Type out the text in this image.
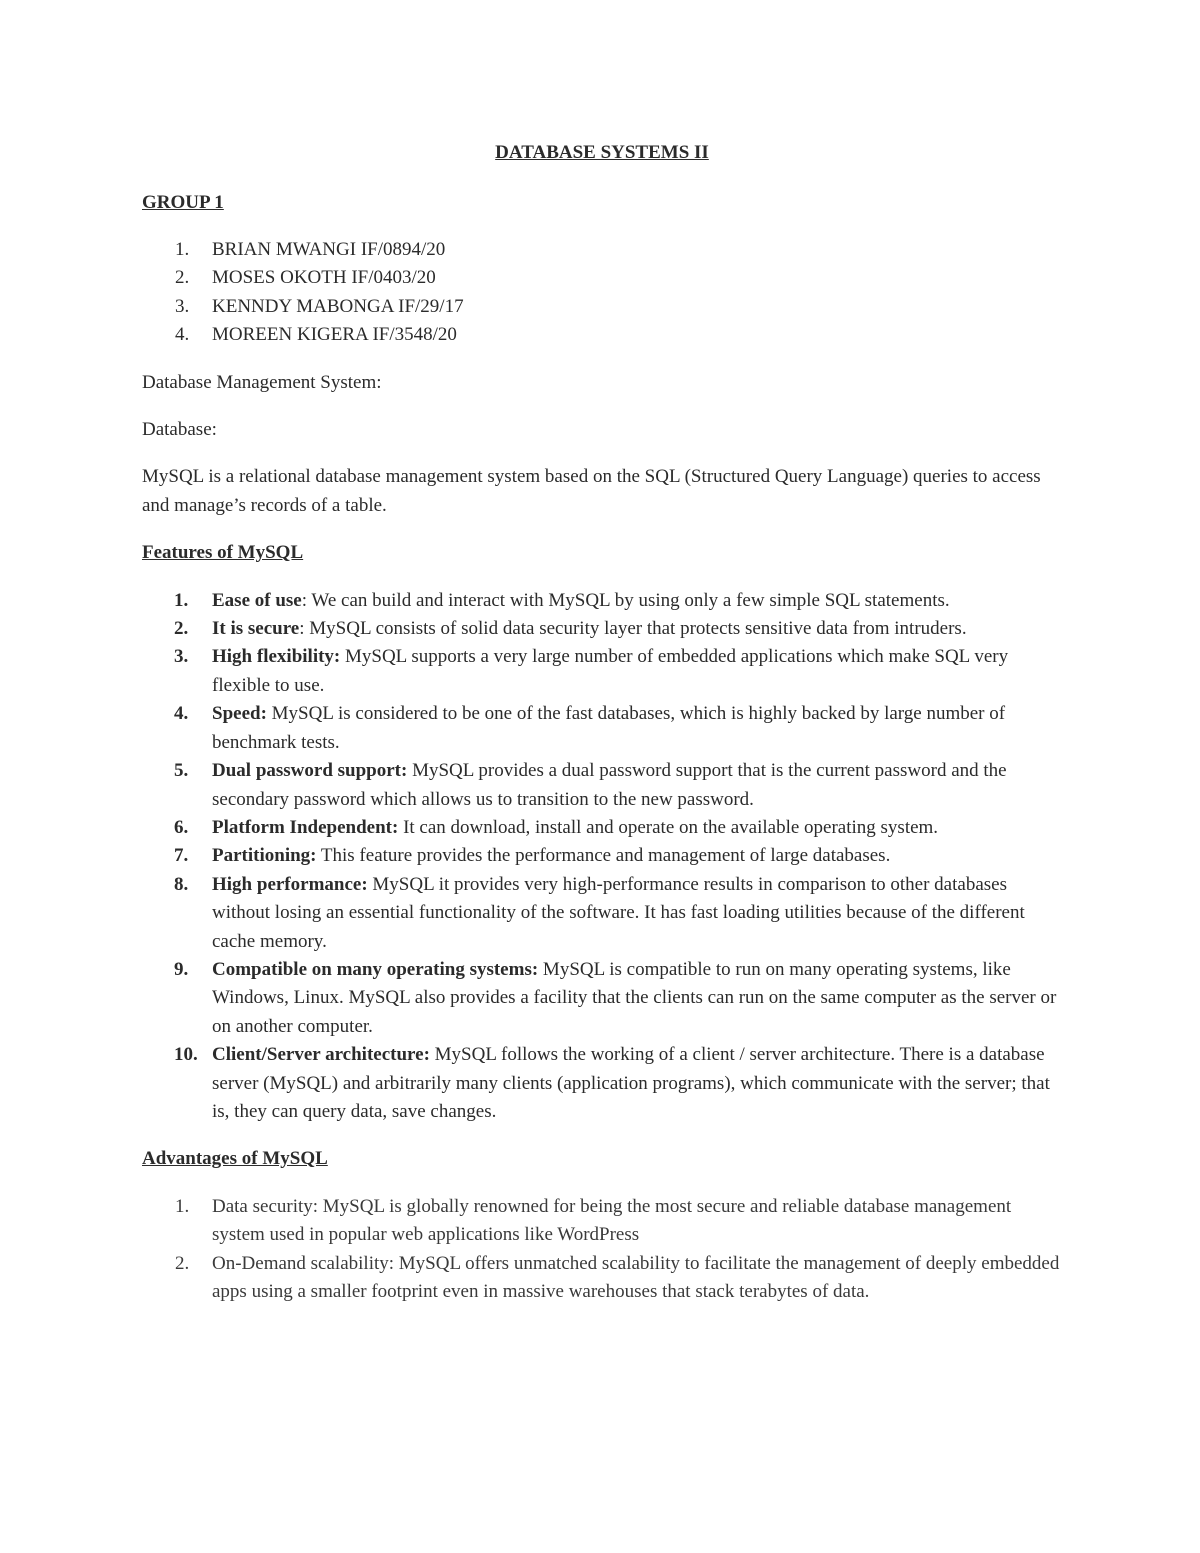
DATABASE SYSTEMS II
GROUP 1
1. BRIAN MWANGI IF/0894/20
2. MOSES OKOTH IF/0403/20
3. KENNDY MABONGA IF/29/17
4. MOREEN KIGERA IF/3548/20

Database Management System:

Database:

MySQL is a relational database management system based on the SQL (Structured Query Language) queries to access and manage’s records of a table.

Features of MySQL
1. Ease of use: We can build and interact with MySQL by using only a few simple SQL statements.
2. It is secure: MySQL consists of solid data security layer that protects sensitive data from intruders.
3. High flexibility: MySQL supports a very large number of embedded applications which make SQL very flexible to use.
4. Speed: MySQL is considered to be one of the fast databases, which is highly backed by large number of benchmark tests.
5. Dual password support: MySQL provides a dual password support that is the current password and the secondary password which allows us to transition to the new password.
6. Platform Independent: It can download, install and operate on the available operating system.
7. Partitioning: This feature provides the performance and management of large databases.
8. High performance: MySQL it provides very high-performance results in comparison to other databases without losing an essential functionality of the software. It has fast loading utilities because of the different cache memory.
9. Compatible on many operating systems: MySQL is compatible to run on many operating systems, like Windows, Linux. MySQL also provides a facility that the clients can run on the same computer as the server or on another computer.
10. Client/Server architecture: MySQL follows the working of a client / server architecture. There is a database server (MySQL) and arbitrarily many clients (application programs), which communicate with the server; that is, they can query data, save changes.
Advantages of MySQL
1. Data security: MySQL is globally renowned for being the most secure and reliable database management system used in popular web applications like WordPress
2. On-Demand scalability: MySQL offers unmatched scalability to facilitate the management of deeply embedded apps using a smaller footprint even in massive warehouses that stack terabytes of data.
